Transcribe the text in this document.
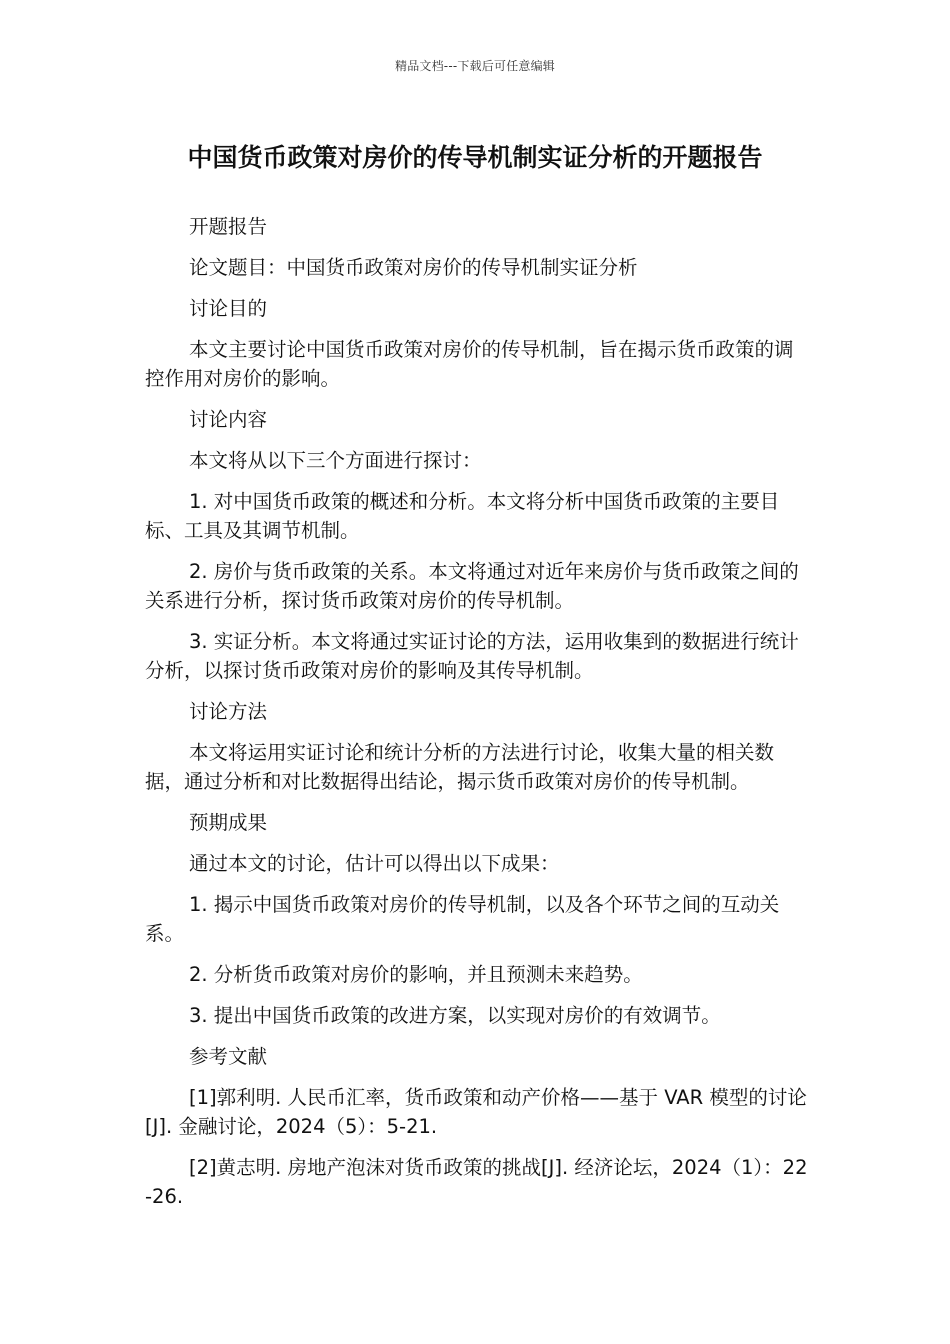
精品文档---下载后可任意编辑
中国货币政策对房价的传导机制实证分析的开题报告

开题报告

论文题目：中国货币政策对房价的传导机制实证分析

讨论目的

本文主要讨论中国货币政策对房价的传导机制，旨在揭示货币政策的调控作用对房价的影响。

讨论内容

本文将从以下三个方面进行探讨：

1. 对中国货币政策的概述和分析。本文将分析中国货币政策的主要目标、工具及其调节机制。

2. 房价与货币政策的关系。本文将通过对近年来房价与货币政策之间的关系进行分析，探讨货币政策对房价的传导机制。

3. 实证分析。本文将通过实证讨论的方法，运用收集到的数据进行统计分析，以探讨货币政策对房价的影响及其传导机制。

讨论方法

本文将运用实证讨论和统计分析的方法进行讨论，收集大量的相关数据，通过分析和对比数据得出结论，揭示货币政策对房价的传导机制。

预期成果

通过本文的讨论，估计可以得出以下成果：

1. 揭示中国货币政策对房价的传导机制，以及各个环节之间的互动关系。

2. 分析货币政策对房价的影响，并且预测未来趋势。

3. 提出中国货币政策的改进方案，以实现对房价的有效调节。

参考文献

[1]郭利明. 人民币汇率，货币政策和动产价格——基于 VAR 模型的讨论[J]. 金融讨论，2024（5）：5-21.

[2]黄志明. 房地产泡沫对货币政策的挑战[J]. 经济论坛，2024（1）：22-26.
